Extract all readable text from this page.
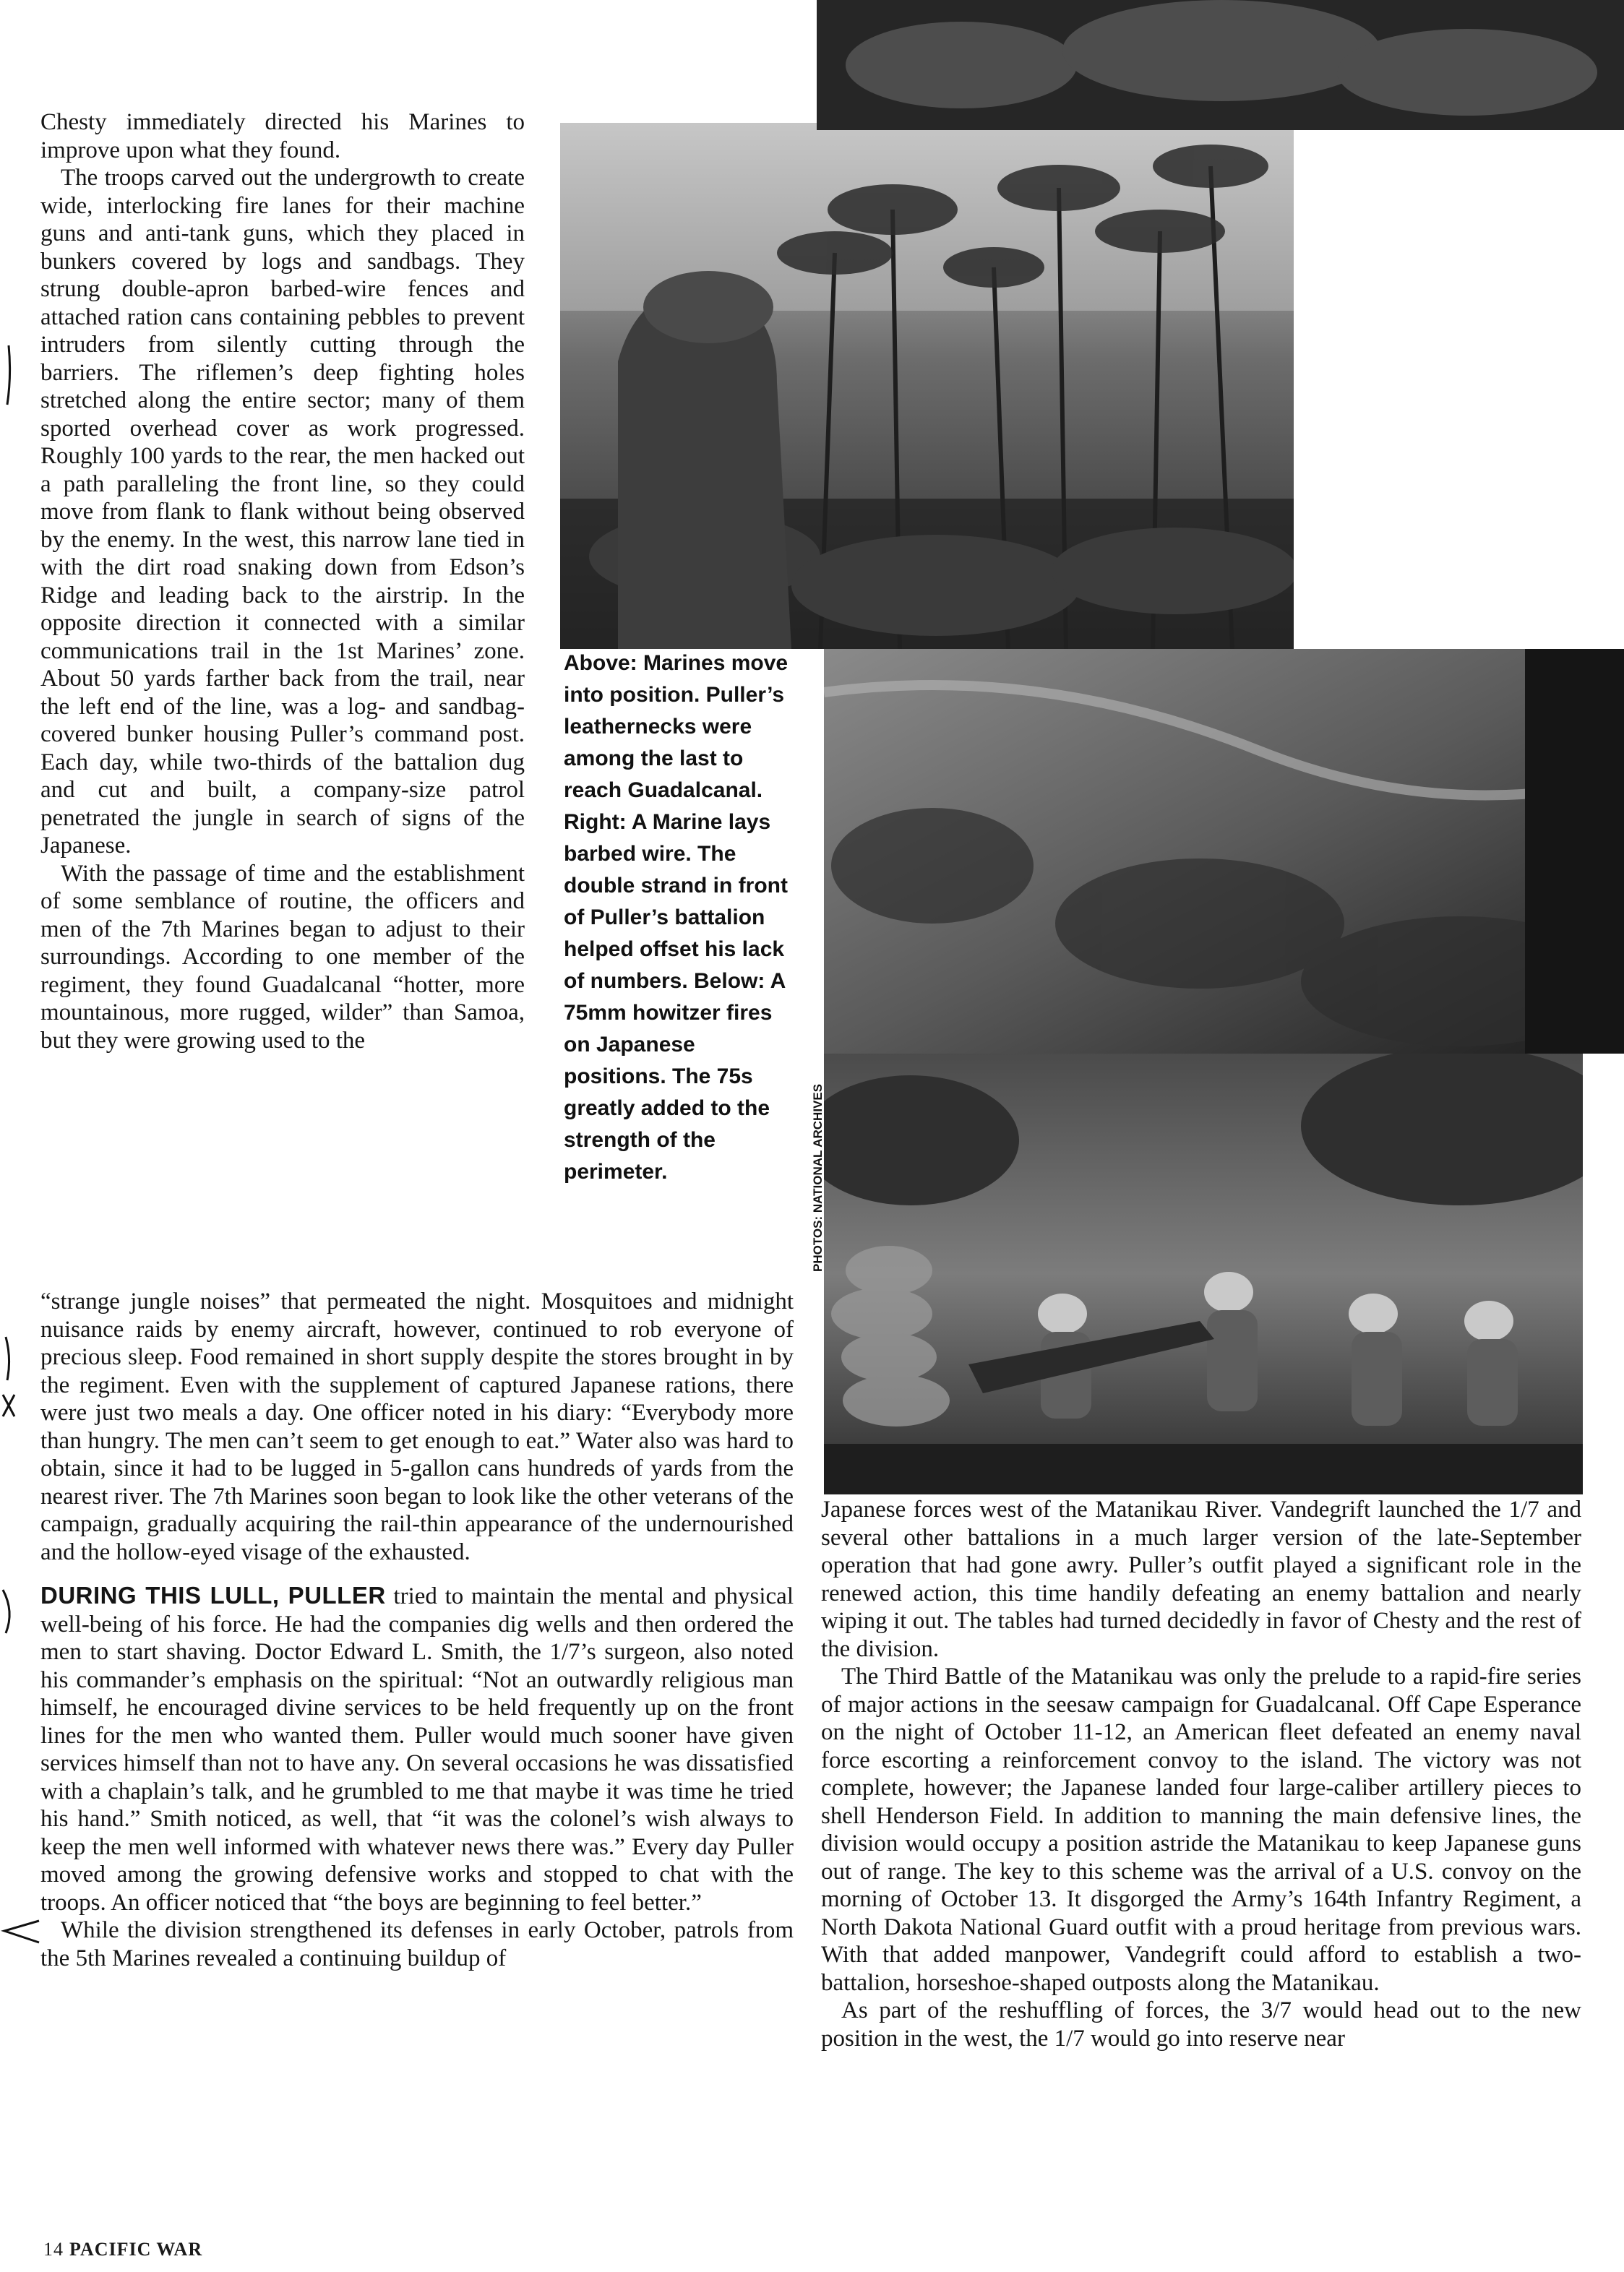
PHOTOS: NATIONAL ARCHIVES
Above: Marines move into position. Puller’s leathernecks were among the last to reach Guadalcanal. Right: A Marine lays barbed wire. The double strand in front of Puller’s battalion helped offset his lack of numbers. Below: A 75mm howitzer fires on Japanese positions. The 75s greatly added to the strength of the perimeter.

Chesty immediately directed his Marines to improve upon what they found.

The troops carved out the undergrowth to create wide, interlocking fire lanes for their machine guns and anti-tank guns, which they placed in bunkers covered by logs and sandbags. They strung double-apron barbed-wire fences and attached ration cans containing pebbles to prevent intruders from silently cutting through the barriers. The riflemen’s deep fighting holes stretched along the entire sector; many of them sported overhead cover as work progressed. Roughly 100 yards to the rear, the men hacked out a path paralleling the front line, so they could move from flank to flank without being observed by the enemy. In the west, this narrow lane tied in with the dirt road snaking down from Edson’s Ridge and leading back to the airstrip. In the opposite direction it connected with a similar communications trail in the 1st Marines’ zone. About 50 yards farther back from the trail, near the left end of the line, was a log- and sandbag-covered bunker housing Puller’s command post. Each day, while two-thirds of the battalion dug and cut and built, a company-size patrol penetrated the jungle in search of signs of the Japanese.

With the passage of time and the establishment of some semblance of routine, the officers and men of the 7th Marines began to adjust to their surroundings. According to one member of the regiment, they found Guadalcanal “hotter, more mountainous, more rugged, wilder” than Samoa, but they were growing used to the

“strange jungle noises” that permeated the night. Mosquitoes and midnight nuisance raids by enemy aircraft, however, continued to rob everyone of precious sleep. Food remained in short supply despite the stores brought in by the regiment. Even with the supplement of captured Japanese rations, there were just two meals a day. One officer noted in his diary: “Everybody more than hungry. The men can’t seem to get enough to eat.” Water also was hard to obtain, since it had to be lugged in 5-gallon cans hundreds of yards from the nearest river. The 7th Marines soon began to look like the other veterans of the campaign, gradually acquiring the rail-thin appearance of the undernourished and the hollow-eyed visage of the exhausted.

DURING THIS LULL, PULLER tried to maintain the mental and physical well-being of his force. He had the companies dig wells and then ordered the men to start shaving. Doctor Edward L. Smith, the 1/7’s surgeon, also noted his commander’s emphasis on the spiritual: “Not an outwardly religious man himself, he encouraged divine services to be held frequently up on the front lines for the men who wanted them. Puller would much sooner have given services himself than not to have any. On several occasions he was dissatisfied with a chaplain’s talk, and he grumbled to me that maybe it was time he tried his hand.” Smith noticed, as well, that “it was the colonel’s wish always to keep the men well informed with whatever news there was.” Every day Puller moved among the growing defensive works and stopped to chat with the troops. An officer noticed that “the boys are beginning to feel better.”

While the division strengthened its defenses in early October, patrols from the 5th Marines revealed a continuing buildup of

Japanese forces west of the Matanikau River. Vandegrift launched the 1/7 and several other battalions in a much larger version of the late-September operation that had gone awry. Puller’s outfit played a significant role in the renewed action, this time handily defeating an enemy battalion and nearly wiping it out. The tables had turned decidedly in favor of Chesty and the rest of the division.

The Third Battle of the Matanikau was only the prelude to a rapid-fire series of major actions in the seesaw campaign for Guadalcanal. Off Cape Esperance on the night of October 11-12, an American fleet defeated an enemy naval force escorting a reinforcement convoy to the island. The victory was not complete, however; the Japanese landed four large-caliber artillery pieces to shell Henderson Field. In addition to manning the main defensive lines, the division would occupy a position astride the Matanikau to keep Japanese guns out of range. The key to this scheme was the arrival of a U.S. convoy on the morning of October 13. It disgorged the Army’s 164th Infantry Regiment, a North Dakota National Guard outfit with a proud heritage from previous wars. With that added manpower, Vandegrift could afford to establish a two-battalion, horseshoe-shaped outposts along the Matanikau.

As part of the reshuffling of forces, the 3/7 would head out to the new position in the west, the 1/7 would go into reserve near

14 PACIFIC WAR
